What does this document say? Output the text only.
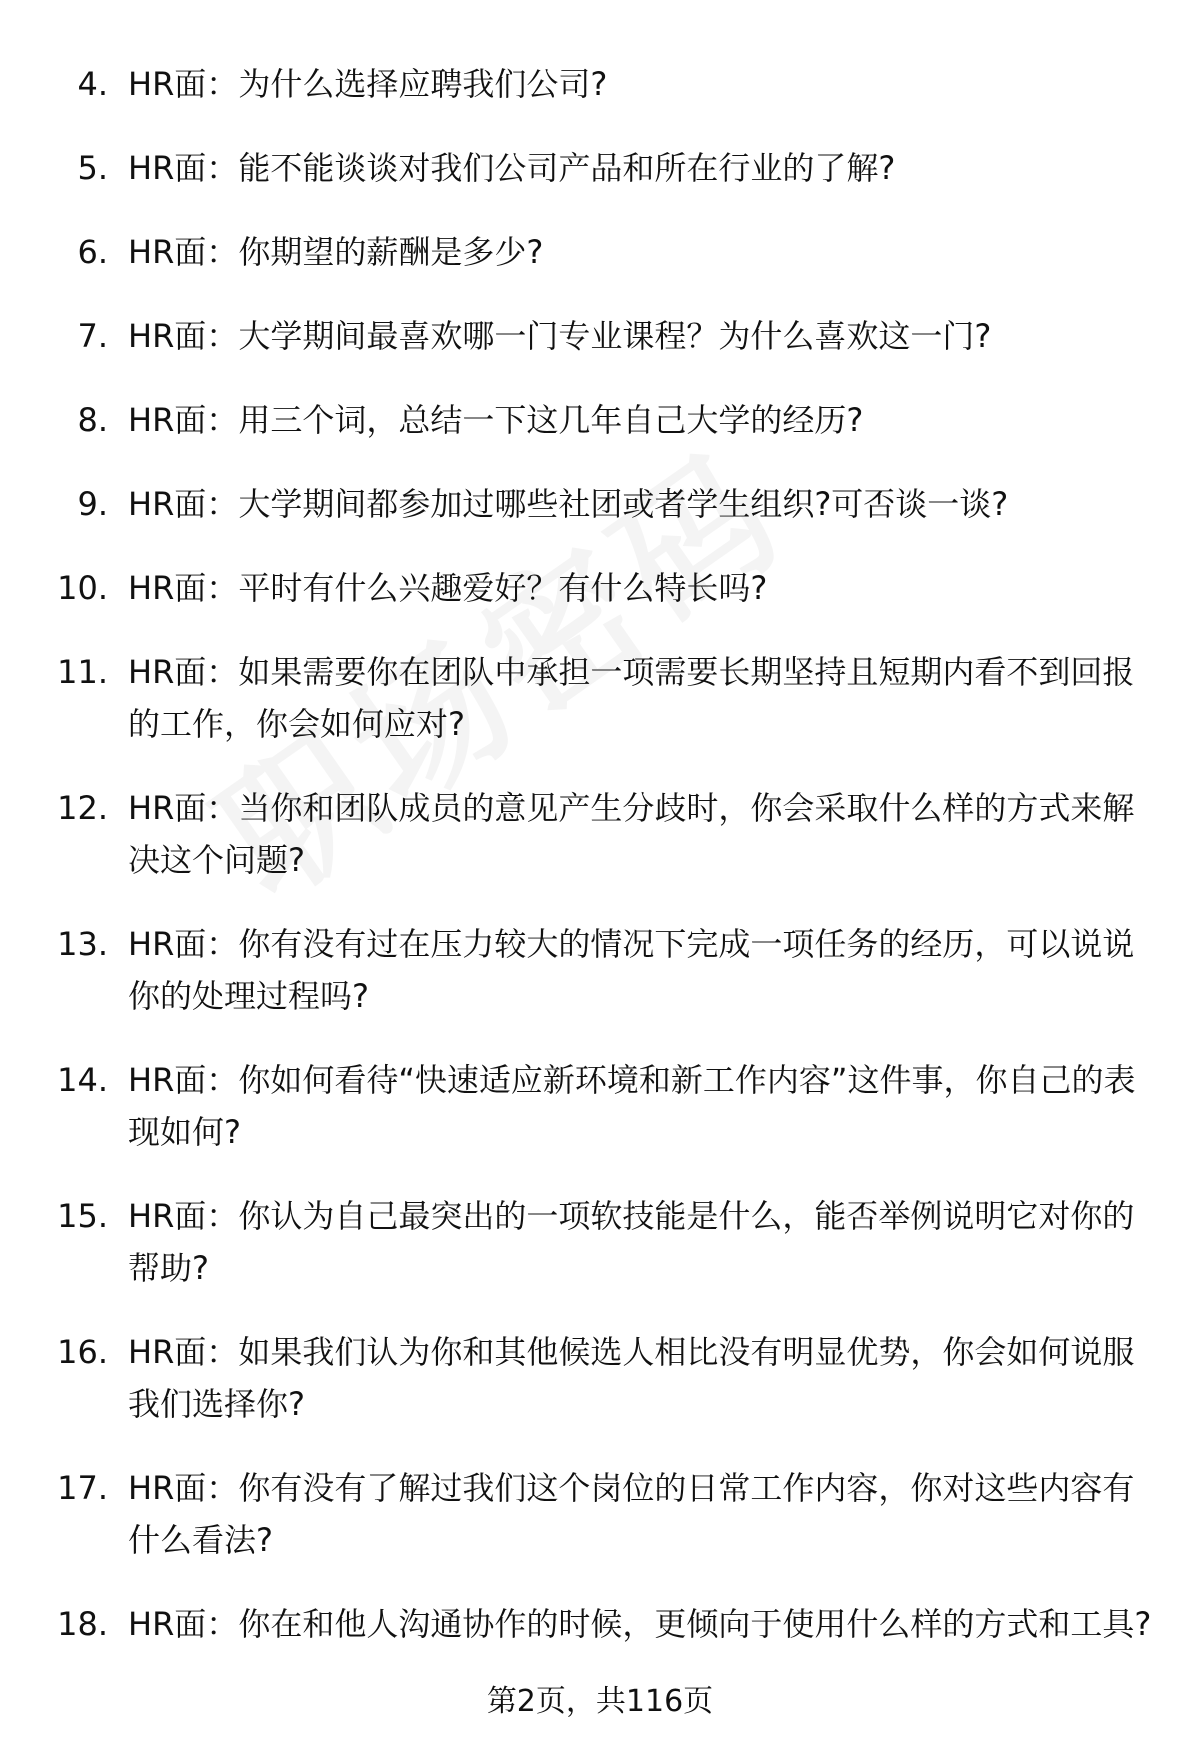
4. HR面：为什么选择应聘我们公司?
5. HR面：能不能谈谈对我们公司产品和所在行业的了解?
6. HR面：你期望的薪酬是多少?
7. HR面：大学期间最喜欢哪一门专业课程？为什么喜欢这一门?
8. HR面：用三个词，总结一下这几年自己大学的经历?
9. HR面：大学期间都参加过哪些社团或者学生组织?可否谈一谈?
10. HR面：平时有什么兴趣爱好？有什么特长吗?
11. HR面：如果需要你在团队中承担一项需要长期坚持且短期内看不到回报的工作，你会如何应对?
12. HR面：当你和团队成员的意见产生分歧时，你会采取什么样的方式来解决这个问题?
13. HR面：你有没有过在压力较大的情况下完成一项任务的经历，可以说说你的处理过程吗?
14. HR面：你如何看待“快速适应新环境和新工作内容”这件事，你自己的表现如何?
15. HR面：你认为自己最突出的一项软技能是什么，能否举例说明它对你的帮助?
16. HR面：如果我们认为你和其他候选人相比没有明显优势，你会如何说服我们选择你?
17. HR面：你有没有了解过我们这个岗位的日常工作内容，你对这些内容有什么看法?
18. HR面：你在和他人沟通协作的时候，更倾向于使用什么样的方式和工具?
第2页，共116页
